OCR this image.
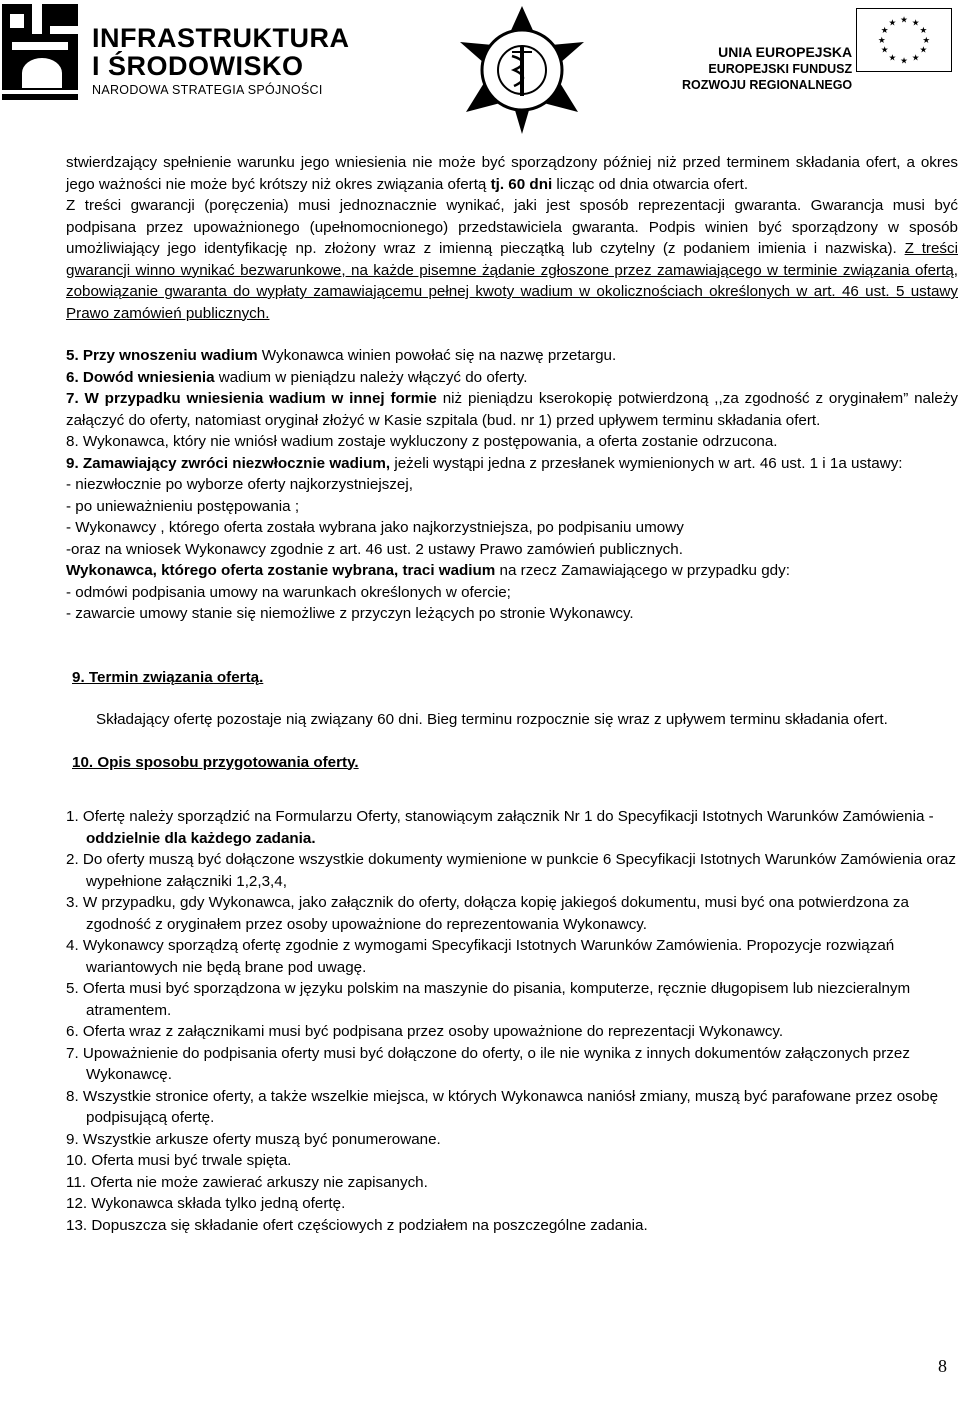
INFRASTRUKTURA
I ŚRODOWISKO
NARODOWA STRATEGIA SPÓJNOŚCI
UNIA EUROPEJSKA
EUROPEJSKI FUNDUSZ
ROZWOJU REGIONALNEGO
★ ★
★
★
★
★
★
★
★
★
★
★

stwierdzający spełnienie warunku jego wniesienia nie może być sporządzony później niż przed terminem składania ofert, a okres jego ważności nie może być krótszy niż okres związania ofertą tj. 60 dni licząc od dnia otwarcia ofert.

Z treści gwarancji (poręczenia) musi jednoznacznie wynikać, jaki jest sposób reprezentacji gwaranta. Gwarancja musi być podpisana przez upoważnionego (upełnomocnionego) przedstawiciela gwaranta. Podpis winien być sporządzony w sposób umożliwiający jego identyfikację np. złożony wraz z imienną pieczątką lub czytelny (z podaniem imienia i nazwiska). Z treści gwarancji winno wynikać bezwarunkowe, na każde pisemne żądanie zgłoszone przez zamawiającego w terminie związania ofertą, zobowiązanie gwaranta do wypłaty zamawiającemu pełnej kwoty wadium w okolicznościach określonych w art. 46 ust. 5 ustawy Prawo zamówień publicznych.

5. Przy wnoszeniu wadium Wykonawca winien powołać się na nazwę przetargu.

6. Dowód wniesienia wadium w pieniądzu należy włączyć do oferty.

7. W przypadku wniesienia wadium w innej formie niż pieniądzu kserokopię potwierdzoną ,,za zgodność z oryginałem” należy załączyć do oferty, natomiast oryginał złożyć w Kasie szpitala (bud. nr 1) przed upływem terminu składania ofert.

8. Wykonawca, który nie wniósł wadium zostaje wykluczony z postępowania, a oferta zostanie odrzucona.

9. Zamawiający zwróci niezwłocznie wadium, jeżeli wystąpi jedna z przesłanek wymienionych w art. 46 ust. 1 i 1a ustawy:

- niezwłocznie po wyborze oferty najkorzystniejszej,

- po unieważnieniu postępowania ;

- Wykonawcy , którego oferta została wybrana jako najkorzystniejsza, po podpisaniu umowy

-oraz na wniosek Wykonawcy zgodnie z art. 46 ust. 2 ustawy Prawo zamówień publicznych.

Wykonawca, którego oferta zostanie wybrana, traci wadium na rzecz Zamawiającego w przypadku gdy:

- odmówi podpisania umowy na warunkach określonych w ofercie;

- zawarcie umowy stanie się niemożliwe z przyczyn leżących po stronie Wykonawcy.

9. Termin związania ofertą.

Składający ofertę pozostaje nią związany 60 dni. Bieg terminu rozpocznie się wraz z upływem terminu składania ofert.

10. Opis sposobu przygotowania oferty.

1. Ofertę należy sporządzić na Formularzu Oferty, stanowiącym załącznik Nr 1 do Specyfikacji Istotnych Warunków Zamówienia -oddzielnie dla każdego zadania.
2. Do oferty muszą być dołączone wszystkie dokumenty wymienione w punkcie 6 Specyfikacji Istotnych Warunków Zamówienia oraz wypełnione załączniki 1,2,3,4,
3. W przypadku, gdy Wykonawca, jako załącznik do oferty, dołącza kopię jakiegoś dokumentu, musi być ona potwierdzona za zgodność z oryginałem przez osoby upoważnione do reprezentowania Wykonawcy.
4. Wykonawcy sporządzą ofertę zgodnie z wymogami Specyfikacji Istotnych Warunków Zamówienia. Propozycje rozwiązań wariantowych nie będą brane pod uwagę.
5. Oferta musi być sporządzona w języku polskim na maszynie do pisania, komputerze, ręcznie długopisem lub niezcieralnym atramentem.
6. Oferta wraz z załącznikami musi być podpisana przez osoby upoważnione do reprezentacji Wykonawcy.
7. Upoważnienie do podpisania oferty musi być dołączone do oferty, o ile nie wynika z innych dokumentów załączonych przez Wykonawcę.
8. Wszystkie stronice oferty, a także wszelkie miejsca, w których Wykonawca naniósł zmiany, muszą być parafowane przez osobę podpisującą ofertę.
9. Wszystkie arkusze oferty muszą być ponumerowane.
10. Oferta musi być trwale spięta.
11. Oferta nie może zawierać arkuszy nie zapisanych.
12. Wykonawca składa tylko jedną ofertę.
13. Dopuszcza się składanie ofert częściowych z podziałem na poszczególne zadania.
8
